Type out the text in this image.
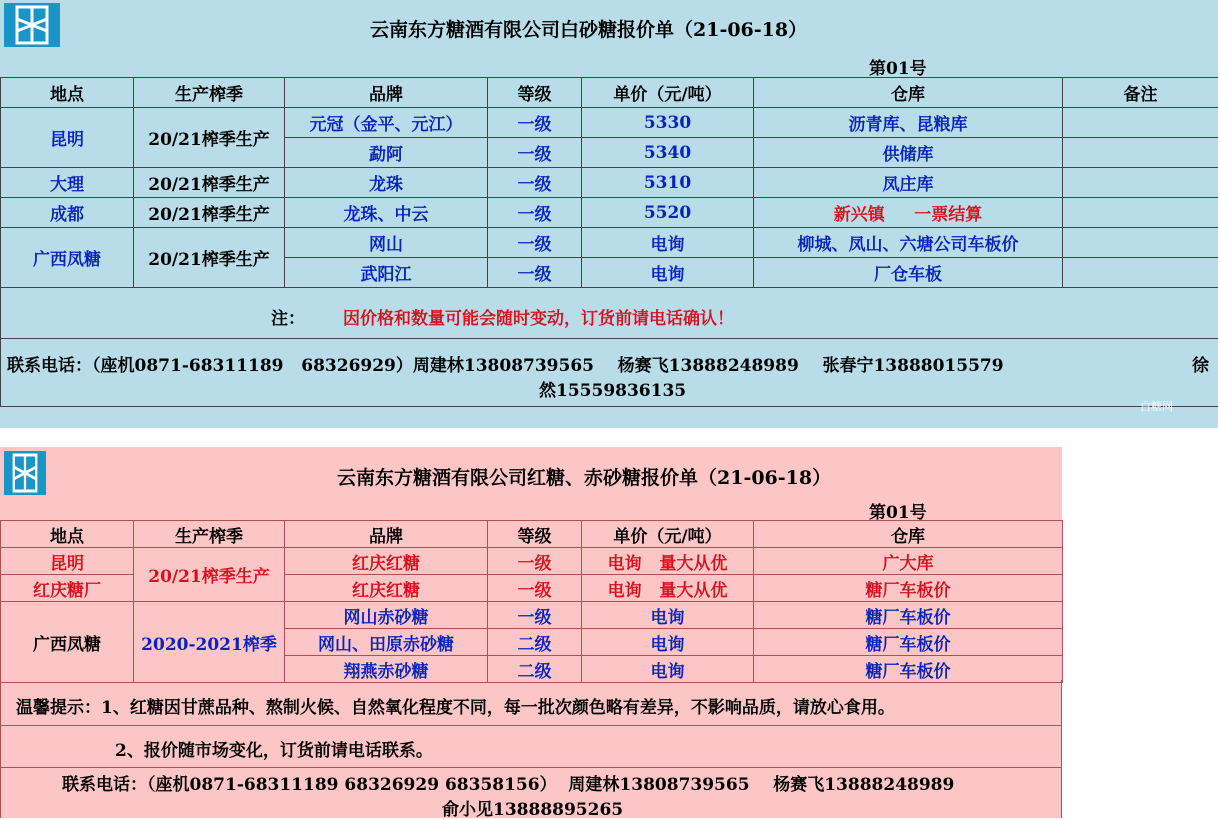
云南东方糖酒有限公司白砂糖报价单（21-06-18）
第01号
地点	生产榨季	品牌	等级	单价（元/吨）	仓库	备注
昆明	20/21榨季生产	元冠（金平、元江）	一级	5330	沥青库、昆粮库	
		勐阿	一级	5340	供储库	
大理	20/21榨季生产	龙珠	一级	5310	凤庄库	
成都	20/21榨季生产	龙珠、中云	一级	5520	新兴镇     一票结算	
广西凤糖	20/21榨季生产	网山	一级	电询	柳城、凤山、六塘公司车板价	
		武阳江	一级	电询	厂仓车板	
注： 因价格和数量可能会随时变动，订货前请电话确认！
联系电话：（座机0871-68311189   68326929）周建林13808739565    杨赛飞13888248989    张春宁13888015579	徐
然15559836135
白糖网
云南东方糖酒有限公司红糖、赤砂糖报价单（21-06-18）
第01号
地点	生产榨季	品牌	等级	单价（元/吨）	仓库
昆明	20/21榨季生产	红庆红糖	一级	电询   量大从优	广大库
红庆糖厂		红庆红糖	一级	电询   量大从优	糖厂车板价
广西凤糖	2020-2021榨季	网山赤砂糖	一级	电询	糖厂车板价
		网山、田原赤砂糖	二级	电询	糖厂车板价
		翔燕赤砂糖	二级	电询	糖厂车板价
温馨提示：1、红糖因甘蔗品种、熬制火候、自然氧化程度不同，每一批次颜色略有差异，不影响品质，请放心食用。
2、报价随市场变化，订货前请电话联系。
联系电话：（座机0871-68311189 68326929 68358156）  周建林13808739565    杨赛飞13888248989
俞小见13888895265
